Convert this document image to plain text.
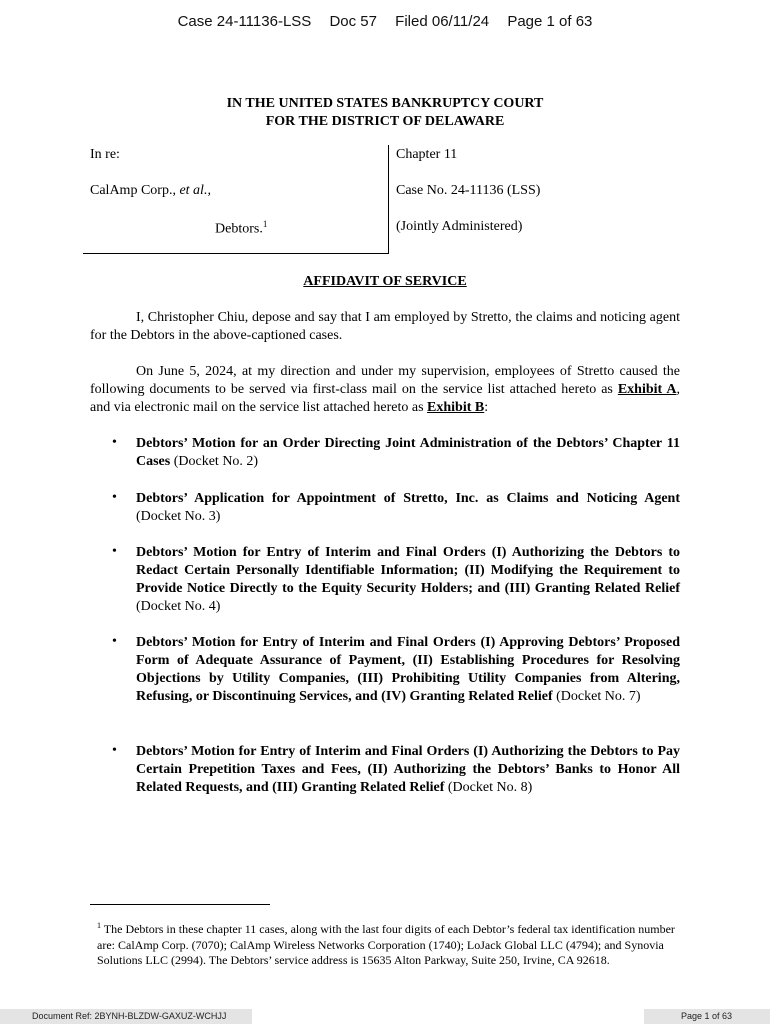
Case 24-11136-LSS Doc 57 Filed 06/11/24 Page 1 of 63
IN THE UNITED STATES BANKRUPTCY COURT
FOR THE DISTRICT OF DELAWARE
In re:
CalAmp Corp., et al.,
Debtors.$^1$
Chapter 11
Case No. 24-11136 (LSS)
(Jointly Administered)
AFFIDAVIT OF SERVICE

I, Christopher Chiu, depose and say that I am employed by Stretto, the claims and noticing agent for the Debtors in the above-captioned cases.

On June 5, 2024, at my direction and under my supervision, employees of Stretto caused the following documents to be served via first-class mail on the service list attached hereto as Exhibit A, and via electronic mail on the service list attached hereto as Exhibit B:

• Debtors’ Motion for an Order Directing Joint Administration of the Debtors’ Chapter 11 Cases (Docket No. 2)

• Debtors’ Application for Appointment of Stretto, Inc. as Claims and Noticing Agent (Docket No. 3)

• Debtors’ Motion for Entry of Interim and Final Orders (I) Authorizing the Debtors to Redact Certain Personally Identifiable Information; (II) Modifying the Requirement to Provide Notice Directly to the Equity Security Holders; and (III) Granting Related Relief (Docket No. 4)

• Debtors’ Motion for Entry of Interim and Final Orders (I) Approving Debtors’ Proposed Form of Adequate Assurance of Payment, (II) Establishing Procedures for Resolving Objections by Utility Companies, (III) Prohibiting Utility Companies from Altering, Refusing, or Discontinuing Services, and (IV) Granting Related Relief (Docket No. 7)

• Debtors’ Motion for Entry of Interim and Final Orders (I) Authorizing the Debtors to Pay Certain Prepetition Taxes and Fees, (II) Authorizing the Debtors’ Banks to Honor All Related Requests, and (III) Granting Related Relief (Docket No. 8)

$^1$ The Debtors in these chapter 11 cases, along with the last four digits of each Debtor’s federal tax identification number are: CalAmp Corp. (7070); CalAmp Wireless Networks Corporation (1740); LoJack Global LLC (4794); and Synovia Solutions LLC (2994). The Debtors’ service address is 15635 Alton Parkway, Suite 250, Irvine, CA 92618.

Document Ref: 2BYNH-BLZDW-GAXUZ-WCHJJ	Page 1 of 63
